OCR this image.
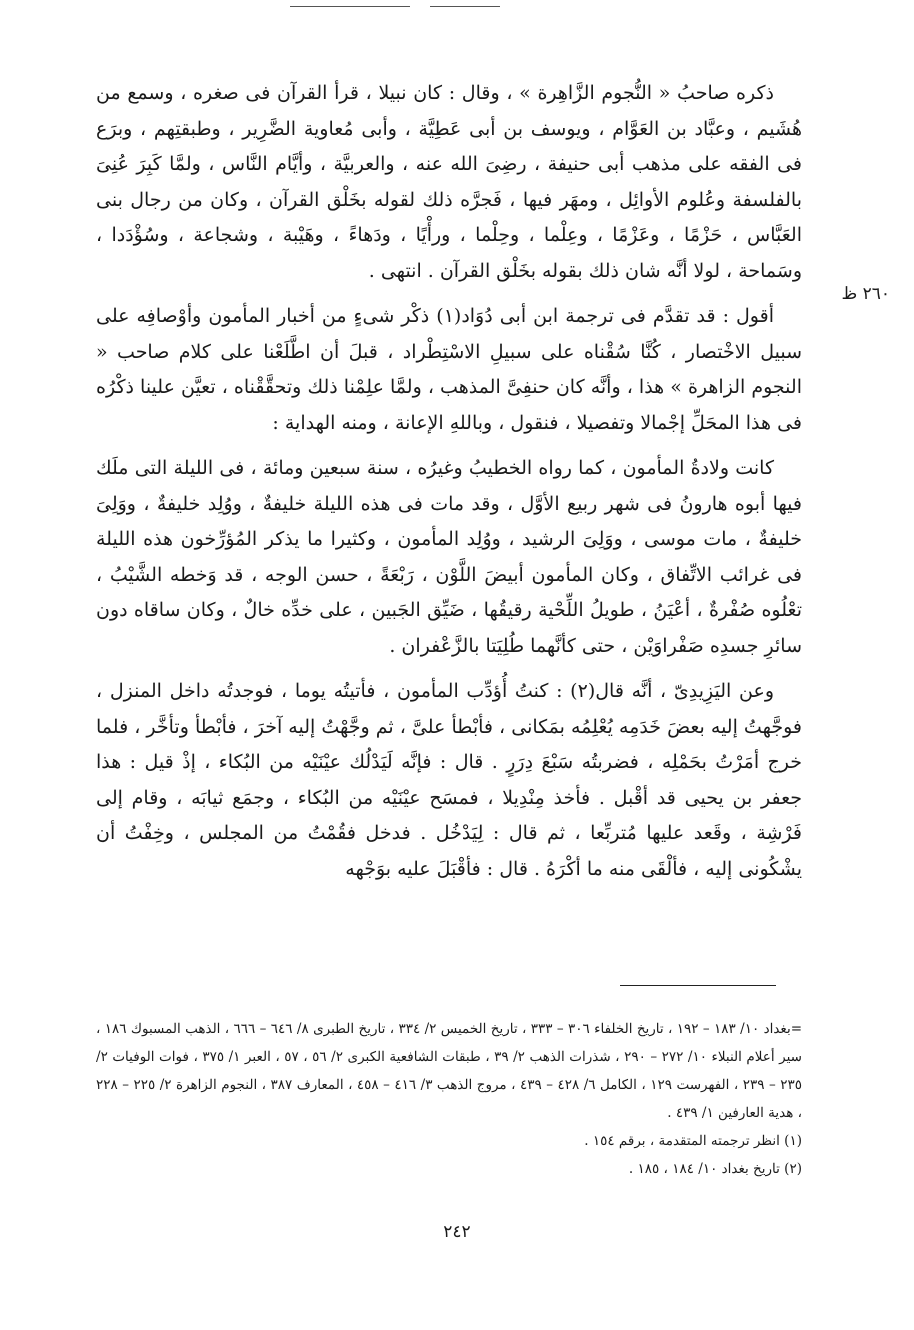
٢٦٠ ظ

ذكره صاحبُ « النُّجوم الزَّاهِرة » ، وقال : كان نبيلا ، قرأ القرآن فى صغره ، وسمع من هُشَيم ، وعبَّاد بن العَوَّام ، ويوسف بن أبى عَطِيَّة ، وأبى مُعاوية الضَّرِير ، وطبقتِهم ، وبرَع فى الفقه على مذهب أبى حنيفة ، رضِىَ الله عنه ، والعربيَّة ، وأيَّام النَّاس ، ولمَّا كَبِرَ عُنِىَ بالفلسفة وعُلوم الأوائِل ، ومهَر فيها ، فَجرَّه ذلك لقوله بخَلْق القرآن ، وكان من رجال بنى العَبَّاس ، حَزْمًا ، وعَزْمًا ، وعِلْما ، وحِلْما ، ورأْيًا ، ودَهاءً ، وهَيْبة ، وشجاعة ، وسُؤْدَدا ، وسَماحة ، لولا أنَّه شان ذلك بقوله بخَلْق القرآن . انتهى .

أقول : قد تقدَّم فى ترجمة ابن أبى دُوَاد(١) ذكْر شىءٍ من أخبار المأمون وأوْصافِه على سبيل الاخْتصار ، كُنَّا سُقْناه على سبيلِ الاسْتِطْراد ، قبلَ أن اطَّلَعْنا على كلام صاحب « النجوم الزاهرة » هذا ، وأنَّه كان حنفِىَّ المذهب ، ولمَّا علِمْنا ذلك وتحقَّقْناه ، تعيَّن علينا ذكْرُه فى هذا المحَلِّ إجْمالا وتفصيلا ، فنقول ، وباللهِ الإعانة ، ومنه الهداية :

كانت ولادةُ المأمون ، كما رواه الخطيبُ وغيرُه ، سنة سبعين ومائة ، فى الليلة التى ملَك فيها أبوه هارونُ فى شهر ربيع الأوَّل ، وقد مات فى هذه الليلة خليفةٌ ، ووُلِد خليفةٌ ، ووَلِىَ خليفةٌ ، مات موسى ، ووَلِىَ الرشيد ، ووُلِد المأمون ، وكثيرا ما يذكر المُؤرِّخون هذه الليلة فى غرائب الاتِّفاق ، وكان المأمون أبيضَ اللَّوْن ، رَبْعَةً ، حسن الوجه ، قد وَخطه الشَّيْبُ ، تعْلُوه صُفْرةٌ ، أعْيَنُ ، طويلُ اللِّحْية رقيقُها ، ضَيِّق الجَبين ، على خدِّه خالٌ ، وكان ساقاه دون سائرِ جسدِه صَفْراوَيْن ، حتى كأنَّهما طُلِيَتا بالزَّعْفران .

وعن اليَزِيدِىّ ، أنَّه قال(٢) : كنتُ أُؤدِّب المأمون ، فأتيتُه يوما ، فوجدتُه داخل المنزل ، فوجَّهتُ إليه بعضَ خَدَمِه يُعْلِمُه بمَكانى ، فأبْطأ علىَّ ، ثم وجَّهْتُ إليه آخرَ ، فأبْطأ وتأخَّر ، فلما خرج أمَرْتُ بحَمْلِه ، فضربتُه سَبْعَ دِرَرٍ . قال : فإنَّه لَيَدْلُك عيْنَيْه من البُكاء ، إذْ قيل : هذا جعفر بن يحيى قد أقْبل . فأخذ مِنْدِيلا ، فمسَح عيْنَيْه من البُكاء ، وجمَع ثيابَه ، وقام إلى فَرْشِة ، وقَعد عليها مُتربِّعا ، ثم قال : لِيَدْخُل . فدخل فقُمْتُ من المجلس ، وخِفْتُ أن يشْكُونى إليه ، فألْقَى منه ما أكْرَهُ . قال : فأقْبَلَ عليه بوَجْهه

=بغداد ١٠/ ١٨٣ – ١٩٢ ، تاريخ الخلفاء ٣٠٦ – ٣٣٣ ، تاريخ الخميس ٢/ ٣٣٤ ، تاريخ الطبرى ٨/ ٦٤٦ – ٦٦٦ ، الذهب المسبوك ١٨٦ ، سير أعلام النبلاء ١٠/ ٢٧٢ – ٢٩٠ ، شذرات الذهب ٢/ ٣٩ ، طبقات الشافعية الكبرى ٢/ ٥٦ ، ٥٧ ، العبر ١/ ٣٧٥ ، فوات الوفيات ٢/ ٢٣٥ – ٢٣٩ ، الفهرست ١٢٩ ، الكامل ٦/ ٤٢٨ – ٤٣٩ ، مروج الذهب ٣/ ٤١٦ – ٤٥٨ ، المعارف ٣٨٧ ، النجوم الزاهرة ٢/ ٢٢٥ – ٢٢٨ ، هدية العارفين ١/ ٤٣٩ .

(١) انظر ترجمته المتقدمة ، برقم ١٥٤ .

(٢) تاريخ بغداد ١٠/ ١٨٤ ، ١٨٥ .

٢٤٢
